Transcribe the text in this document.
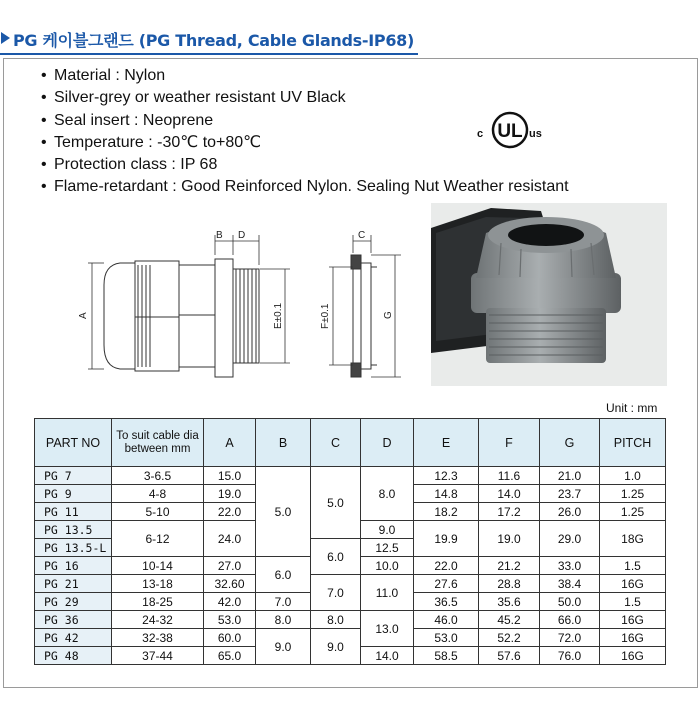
PG 케이블그랜드 (PG Thread, Cable Glands-IP68)
• Material : Nylon
• Silver-grey or weather resistant UV Black
• Seal insert : Neoprene
• Temperature : -30℃ to+80℃
• Protection class : IP 68
• Flame-retardant : Good Reinforced Nylon. Sealing Nut Weather resistant
UL
c	us
B D
A	E±0.1
C
F±0.1	G
Unit : mm
PART NO	To suit cable dia between mm	A	B	C	D	E	F	G	PITCH
PG 7	3-6.5	15.0	5.0	5.0	8.0	12.3	11.6	21.0	1.0
PG 9	4-8	19.0				14.8	14.0	23.7	1.25
PG 11	5-10	22.0				18.2	17.2	26.0	1.25
PG 13.5	6-12	24.0			9.0	19.9	19.0	29.0	18G
PG 13.5-L				6.0	12.5				
PG 16	10-14	27.0	6.0		10.0	22.0	21.2	33.0	1.5
PG 21	13-18	32.60		7.0	11.0	27.6	28.8	38.4	16G
PG 29	18-25	42.0	7.0			36.5	35.6	50.0	1.5
PG 36	24-32	53.0	8.0	8.0	13.0	46.0	45.2	66.0	16G
PG 42	32-38	60.0	9.0	9.0		53.0	52.2	72.0	16G
PG 48	37-44	65.0			14.0	58.5	57.6	76.0	16G
